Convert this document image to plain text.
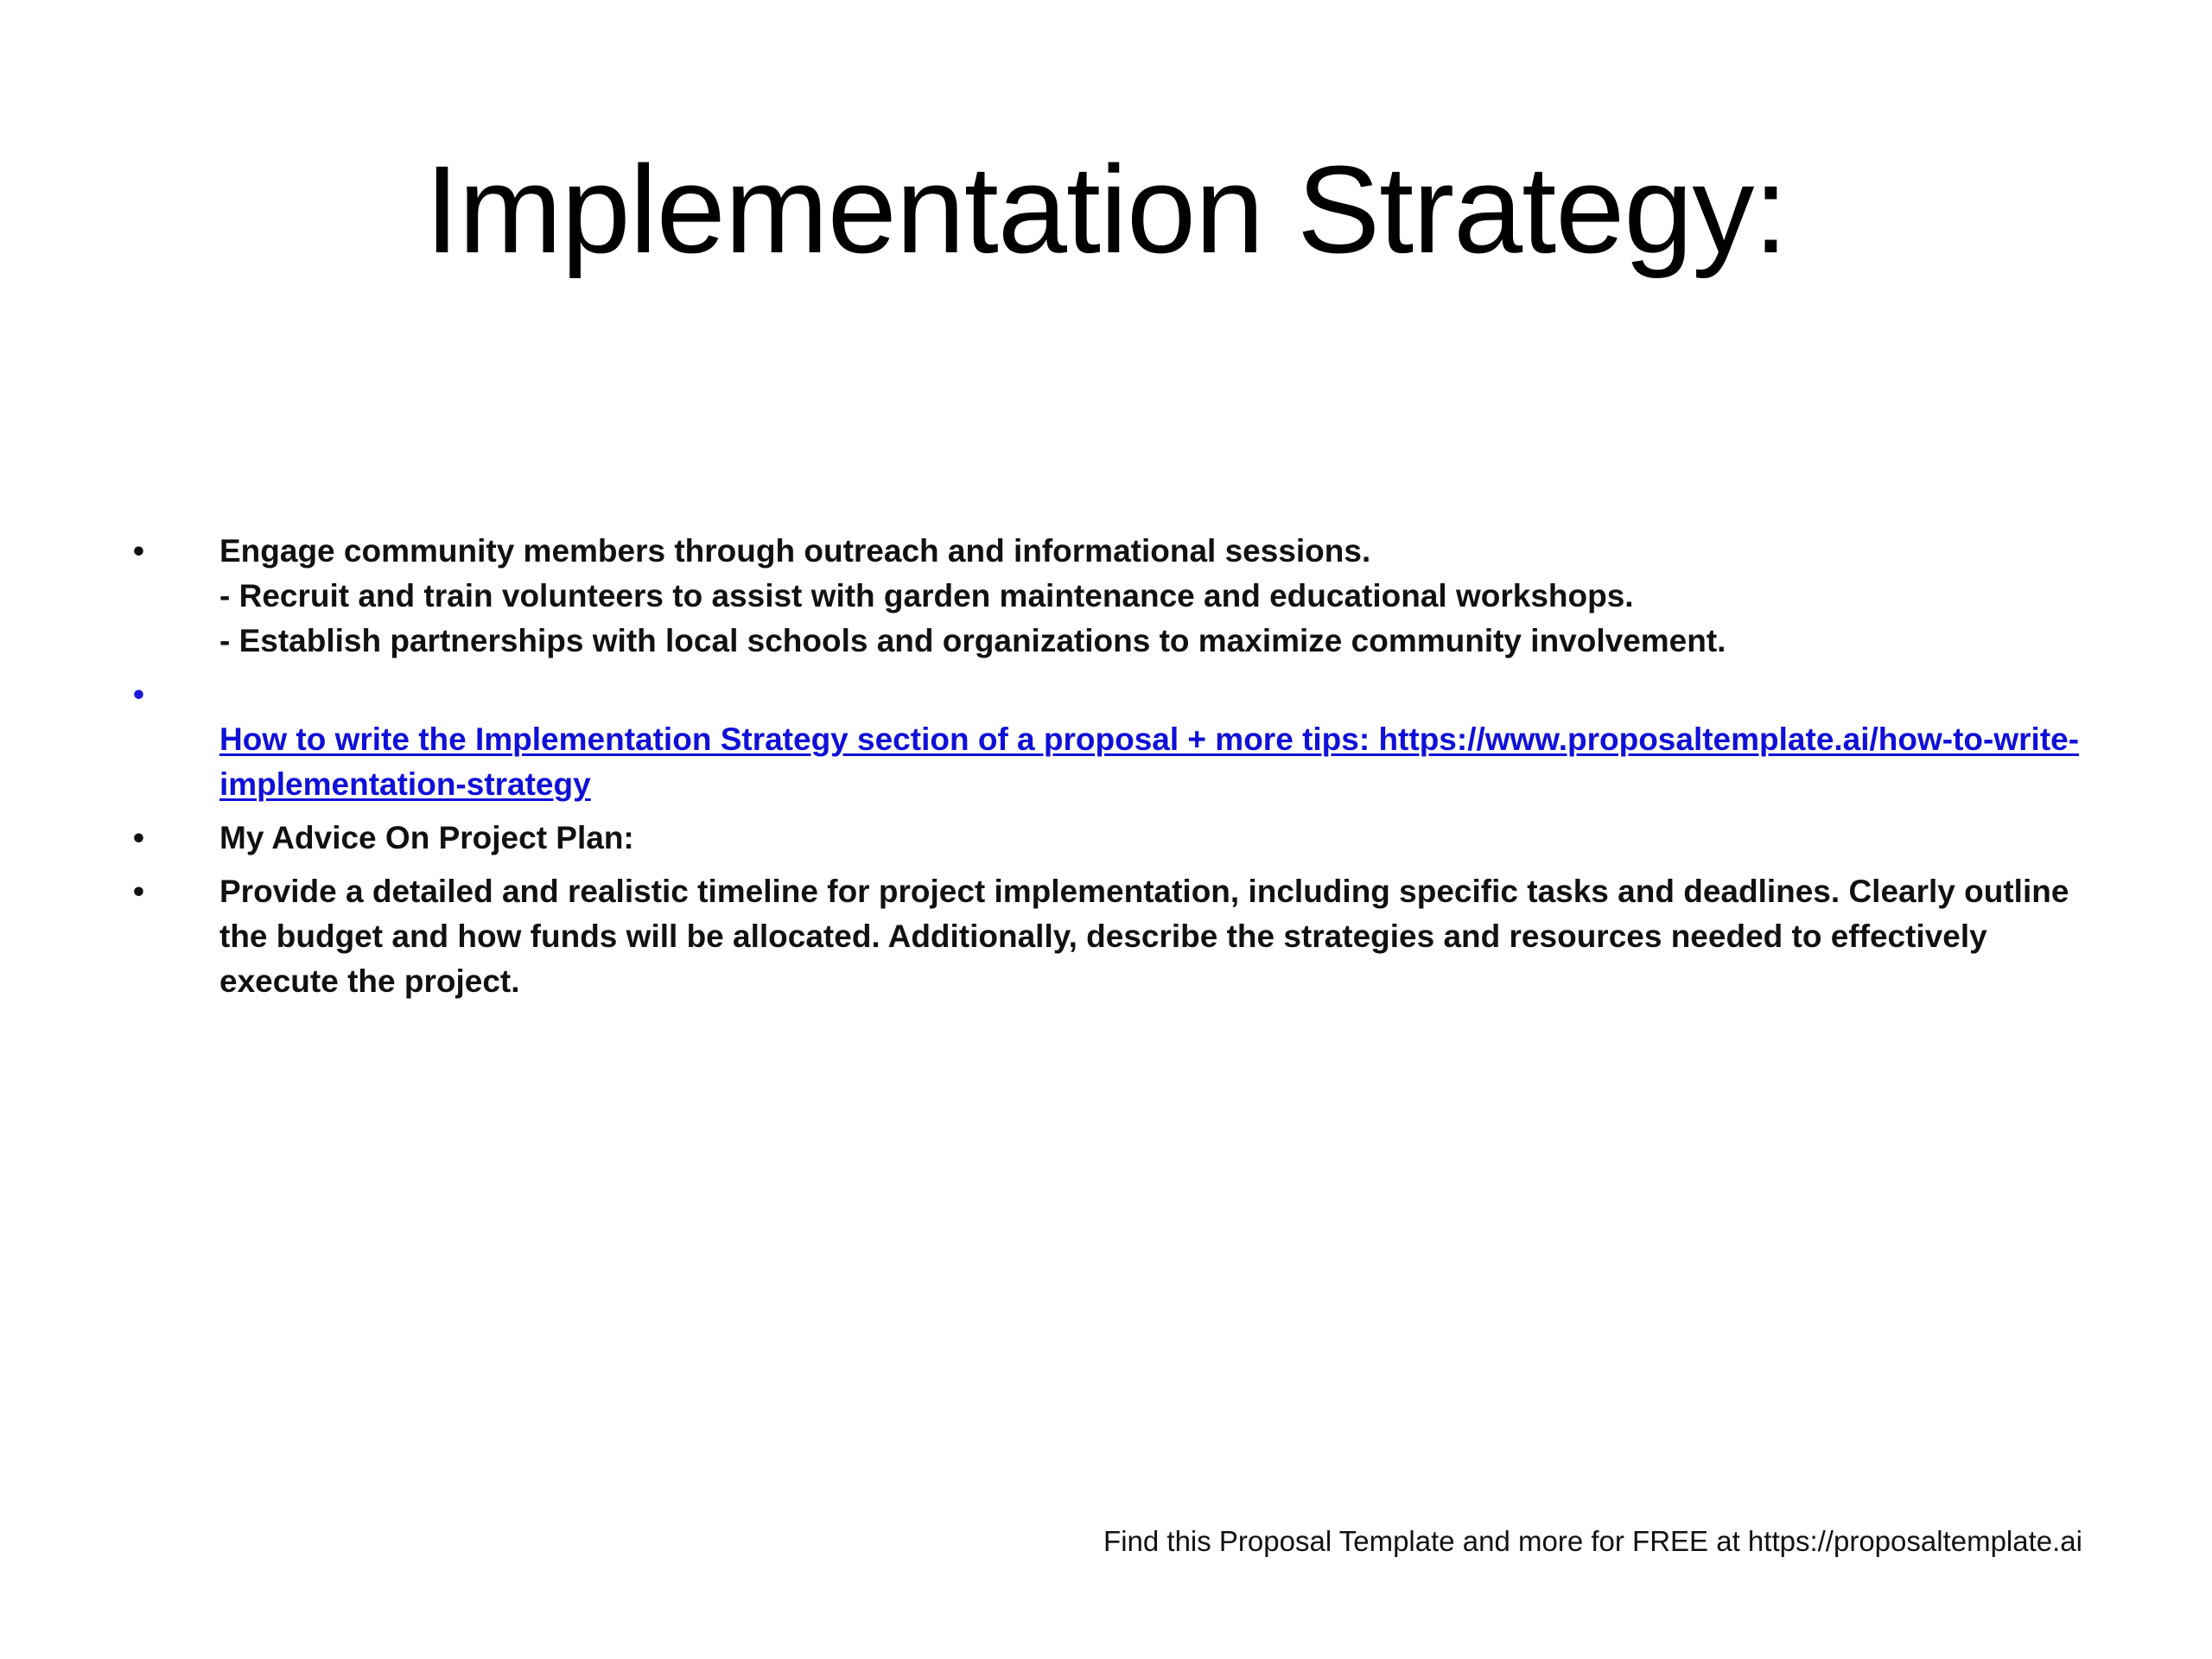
Implementation Strategy:
•	Engage community members through outreach and informational sessions.
- Recruit and train volunteers to assist with garden maintenance and educational workshops.
- Establish partnerships with local schools and organizations to maximize community involvement.
•

How to write the Implementation Strategy section of a proposal + more tips: https://www.proposaltemplate.ai/how-to-write-implementation-strategy

•	My Advice On Project Plan:
•	Provide a detailed and realistic timeline for project implementation, including specific tasks and deadlines. Clearly outline the budget and how funds will be allocated. Additionally, describe the strategies and resources needed to effectively execute the project.
Find this Proposal Template and more for FREE at https://proposaltemplate.ai
